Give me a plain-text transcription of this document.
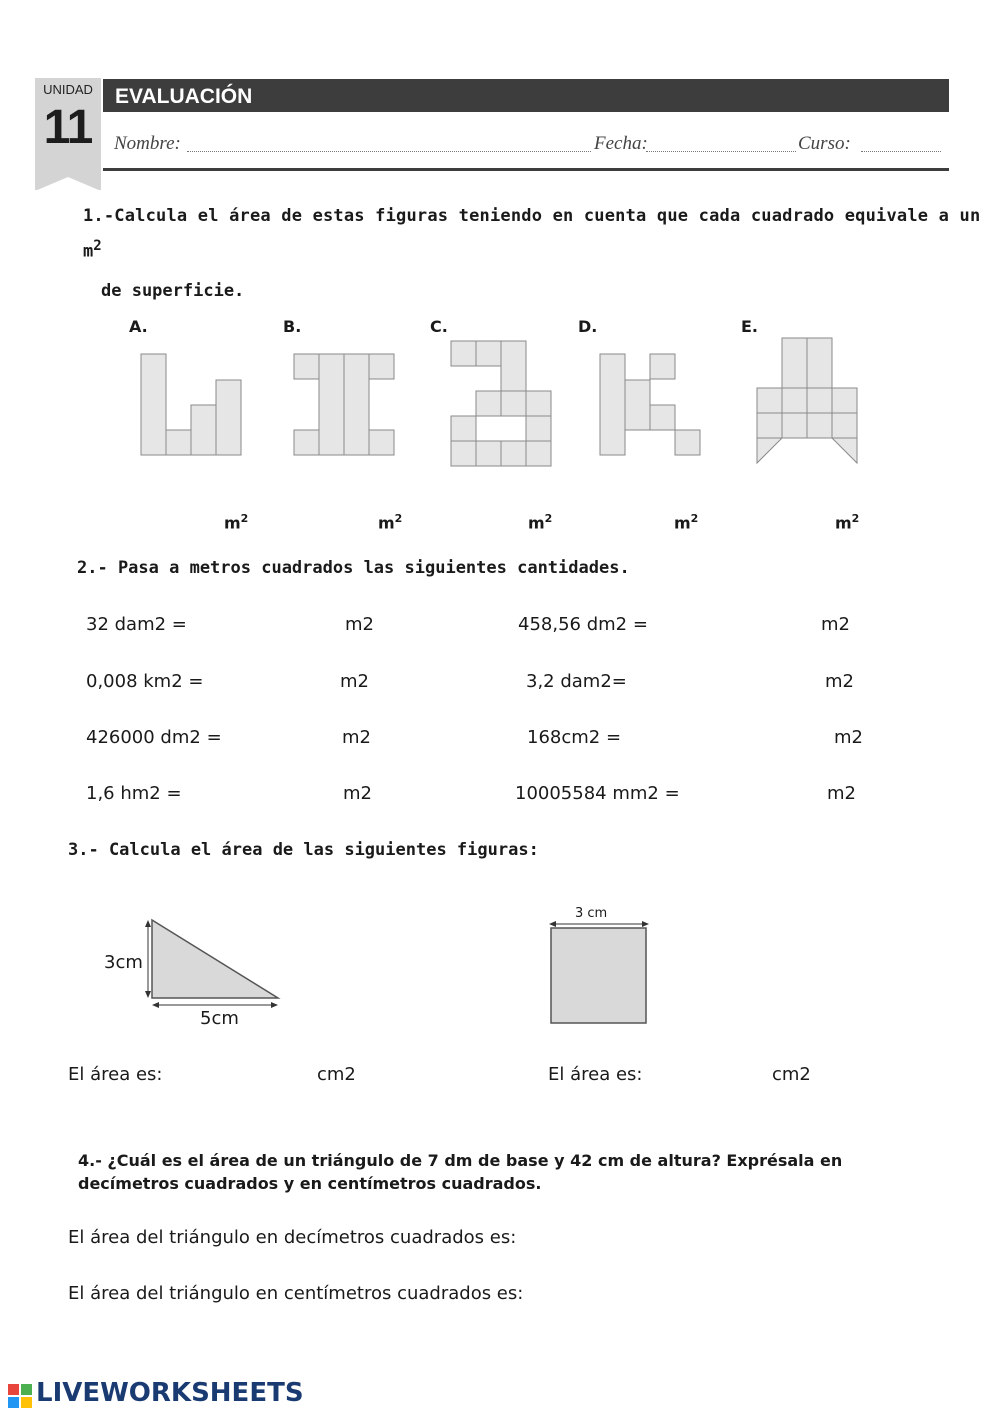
UNIDAD
11
EVALUACIÓN
Nombre:	Fecha:	Curso:
1.-Calcula el área de estas figuras teniendo en cuenta que cada cuadrado equivale a un
$m^2$
de superficie.
A.	B.	C.	D.	E.
$m^2$	$m^2$	$m^2$	$m^2$	$m^2$
2.- Pasa a metros cuadrados las siguientes cantidades.
32 dam2 =	m2	458,56 dm2 =	m2
0,008 km2 =	m2	3,2 dam2=	m2
426000 dm2 =	m2	168cm2 =	m2
1,6 hm2 =	m2	10005584 mm2 =	m2
3.- Calcula el área de las siguientes figuras:
3cm
5cm
3 cm
El área es:	cm2	El área es:	cm2
4.- ¿Cuál es el área de un triángulo de 7 dm de base y 42 cm de altura? Exprésala en
decímetros cuadrados y en centímetros cuadrados.
El área del triángulo en decímetros cuadrados es:
El área del triángulo en centímetros cuadrados es:
LIVEWORKSHEETS
